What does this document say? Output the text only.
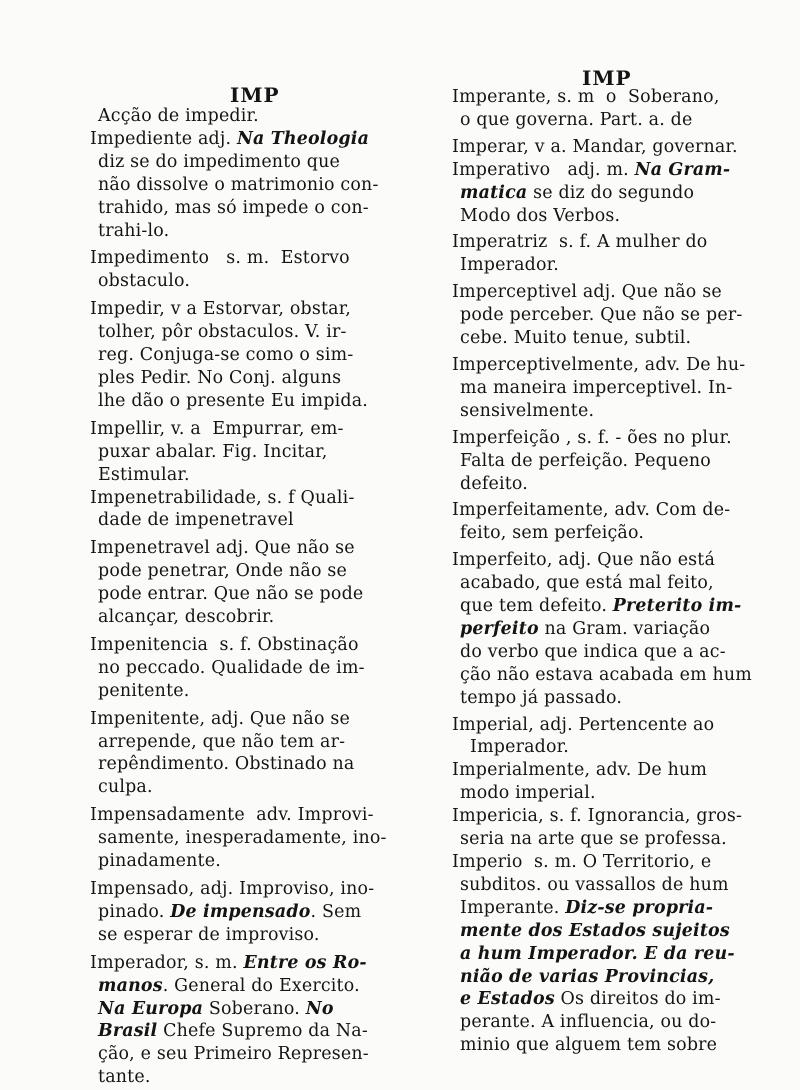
IMP
Acção de impedir.
Impediente adj. Na Theologia
diz se do impedimento que
não dissolve o matrimonio con-
trahido, mas só impede o con-
trahi-lo.
Impedimento   s. m.  Estorvo
obstaculo.
Impedir, v a Estorvar, obstar,
tolher, pôr obstaculos. V. ir-
reg. Conjuga-se como o sim-
ples Pedir. No Conj. alguns
lhe dão o presente Eu impida.
Impellir, v. a  Empurrar, em-
puxar abalar. Fig. Incitar,
Estimular.
Impenetrabilidade, s. f Quali-
dade de impenetravel
Impenetravel adj. Que não se
pode penetrar, Onde não se
pode entrar. Que não se pode
alcançar, descobrir.
Impenitencia  s. f. Obstinação
no peccado. Qualidade de im-
penitente.
Impenitente, adj. Que não se
arrepende, que não tem ar-
repêndimento. Obstinado na
culpa.
Impensadamente  adv. Improvi-
samente, inesperadamente, ino-
pinadamente.
Impensado, adj. Improviso, ino-
pinado. De impensado. Sem
se esperar de improviso.
Imperador, s. m. Entre os Ro-
manos. General do Exercito.
Na Europa Soberano. No
Brasil Chefe Supremo da Na-
ção, e seu Primeiro Represen-
tante.
IMP
Imperante, s. m  o  Soberano,
o que governa. Part. a. de
Imperar, v a. Mandar, governar.
Imperativo   adj. m. Na Gram-
matica se diz do segundo
Modo dos Verbos.
Imperatriz  s. f. A mulher do
Imperador.
Imperceptivel adj. Que não se
pode perceber. Que não se per-
cebe. Muito tenue, subtil.
Imperceptivelmente, adv. De hu-
ma maneira imperceptivel. In-
sensivelmente.
Imperfeição , s. f. - ões no plur.
Falta de perfeição. Pequeno
defeito.
Imperfeitamente, adv. Com de-
feito, sem perfeição.
Imperfeito, adj. Que não está
acabado, que está mal feito,
que tem defeito. Preterito im-
perfeito na Gram. variação
do verbo que indica que a ac-
ção não estava acabada em hum
tempo já passado.
Imperial, adj. Pertencente ao
Imperador.
Imperialmente, adv. De hum
modo imperial.
Impericia, s. f. Ignorancia, gros-
seria na arte que se professa.
Imperio  s. m. O Territorio, e
subditos. ou vassallos de hum
Imperante. Diz-se propria-
mente dos Estados sujeitos
a hum Imperador. E da reu-
nião de varias Provincias,
e Estados Os direitos do im-
perante. A influencia, ou do-
minio que alguem tem sobre
